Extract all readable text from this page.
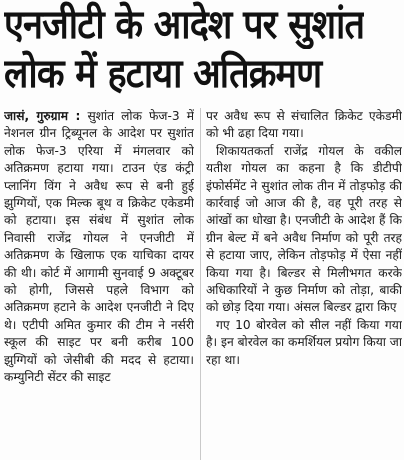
एनजीटी के आदेश पर सुशांत
लोक में हटाया अतिक्रमण

जासं, गुरुग्राम : सुशांत लोक फेज-3 में नेशनल ग्रीन ट्रिब्यूनल के आदेश पर सुशांत लोक फेज-3 एरिया में मंगलवार को अतिक्रमण हटाया गया। टाउन एंड कंट्री प्लानिंग विंग ने अवैध रूप से बनी हुई झुग्गियों, एक मिल्क बूथ व क्रिकेट एकेडमी को हटाया। इस संबंध में सुशांत लोक निवासी राजेंद्र गोयल ने एनजीटी में अतिक्रमण के खिलाफ एक याचिका दायर की थी। कोर्ट में आगामी सुनवाई 9 अक्टूबर को होगी, जिससे पहले विभाग को अतिक्रमण हटाने के आदेश एनजीटी ने दिए थे। एटीपी अमित कुमार की टीम ने नर्सरी स्कूल की साइट पर बनी करीब 100 झुग्गियों को जेसीबी की मदद से हटाया। कम्युनिटी सेंटर की साइट

पर अवैध रूप से संचालित क्रिकेट एकेडमी को भी ढहा दिया गया।

शिकायतकर्ता राजेंद्र गोयल के वकील यतीश गोयल का कहना है कि डीटीपी इंफोर्समेंट ने सुशांत लोक तीन में तोड़फोड़ की कार्रवाई जो आज की है, वह पूरी तरह से आंखों का धोखा है। एनजीटी के आदेश हैं कि ग्रीन बेल्ट में बने अवैध निर्माण को पूरी तरह से हटाया जाए, लेकिन तोड़फोड़ में ऐसा नहीं किया गया है। बिल्डर से मिलीभगत करके अधिकारियों ने कुछ निर्माण को तोड़ा, बाकी को छोड़ दिया गया। अंसल बिल्डर द्वारा किए

गए 10 बोरवेल को सील नहीं किया गया है। इन बोरवेल का कमर्शियल प्रयोग किया जा रहा था।
